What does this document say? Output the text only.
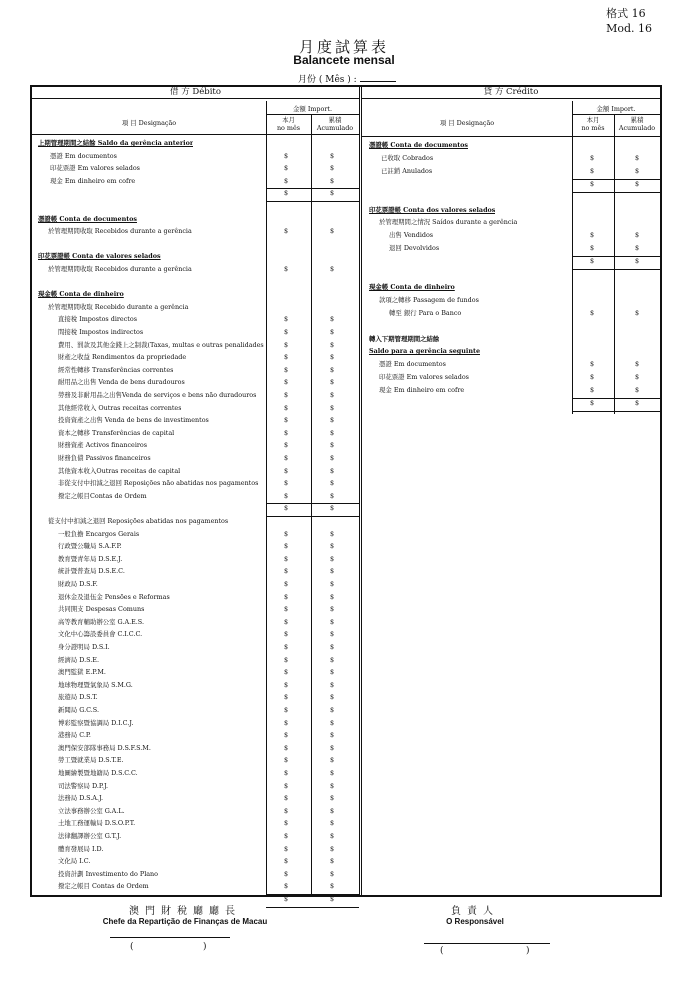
格式 16
Mod. 16
月度試算表
Balancete mensal
月份 ( Mês ) :
借 方 Débito	貸 方 Crédito
項 目 Designação
金額 Import.
本月
no mês
累積
Acumulado
項 目 Designação
金額 Import.
本月
no mês
累積
Acumulado
上期管理期間之結餘 Saldo da gerência anterior
憑證 Em documentos	$	$
印花票證 Em valores selados	$	$
現金 Em dinheiro em cofre	$	$
$	$
憑證帳 Conta de documentos
於管理期間收取 Recebidos durante a gerência	$	$
印花票證帳 Conta de valores selados
於管理期間收取 Recebidos durante a gerência	$	$
現金帳 Conta de dinheiro
於管理期間收取 Recebido durante a gerência
直接稅 Impostos directos	$	$
間接稅 Impostos indirectos	$	$
費用、罰款及其他金錢上之制裁(Taxas, multas e outras penalidades	$	$
財產之收益 Rendimentos da propriedade	$	$
經常性轉移 Transferências correntes	$	$
耐用品之出售 Venda de bens duradouros	$	$
勞務及非耐用品之出售Venda de serviços e bens não duradouros	$	$
其他經常收入 Outras receitas correntes	$	$
投資資產之出售 Venda de bens de investimentos	$	$
資本之轉移 Transferências de capital	$	$
財務資產 Activos financeiros	$	$
財務負債 Passivos financeiros	$	$
其他資本收入Outras receitas de capital	$	$
非從支付中扣減之退回 Reposições não abatidas nos pagamentos	$	$
撥定之帳目Contas de Ordem	$	$
$	$
從支付中扣減之退回 Reposições abatidas nos pagamentos
一般負擔 Encargos Gerais	$	$
行政暨公職局 S.A.F.P.	$	$
教育暨青年局 D.S.E.J.	$	$
統計暨普查局 D.S.E.C.	$	$
財政局 D.S.F.	$	$
退休金及退伍金 Pensões e Reformas	$	$
共同開支 Despesas Comuns	$	$
高等教育輔助辦公室 G.A.E.S.	$	$
文化中心籌設委員會 C.I.C.C.	$	$
身分證明局 D.S.I.	$	$
經濟局 D.S.E.	$	$
澳門監獄 E.P.M.	$	$
地球物理暨氣象局 S.M.G.	$	$
旅遊局 D.S.T.	$	$
新聞局 G.C.S.	$	$
博彩監察暨協調局 D.I.C.J.	$	$
港務局 C.P.	$	$
澳門保安部隊事務局 D.S.F.S.M.	$	$
勞工暨就業局 D.S.T.E.	$	$
地圖繪製暨地籍局 D.S.C.C.	$	$
司法警察局 D.P.J.	$	$
法務局 D.S.A.J.	$	$
立法事務辦公室 G.A.L.	$	$
土地工務運輸局 D.S.O.P.T.	$	$
法律翻譯辦公室 G.T.J.	$	$
體育發展局 I.D.	$	$
文化局 I.C.	$	$
投資計劃 Investimento do Plano	$	$
撥定之帳目 Contas de Ordem	$	$
$	$
憑證帳 Conta de documentos
已收取 Cobrados	$	$
已註銷 Anulados	$	$
$	$
印花票證帳 Conta dos valores selados
於管理期間之情況 Saídos durante a gerência
出售 Vendidos	$	$
退回 Devolvidos	$	$
$	$
現金帳 Conta de dinheiro
款項之轉移 Passagem de fundos
轉至 銀行 Para o Banco	$	$
轉入下期管理期間之結餘
Saldo para a gerência seguinte
憑證 Em documentos	$	$
印花票證 Em valores selados	$	$
現金 Em dinheiro em cofre	$	$
$	$
澳門財稅廳廳長
Chefe da Repartição de Finanças de Macau
(	)
負責人
O Responsável
(	)
